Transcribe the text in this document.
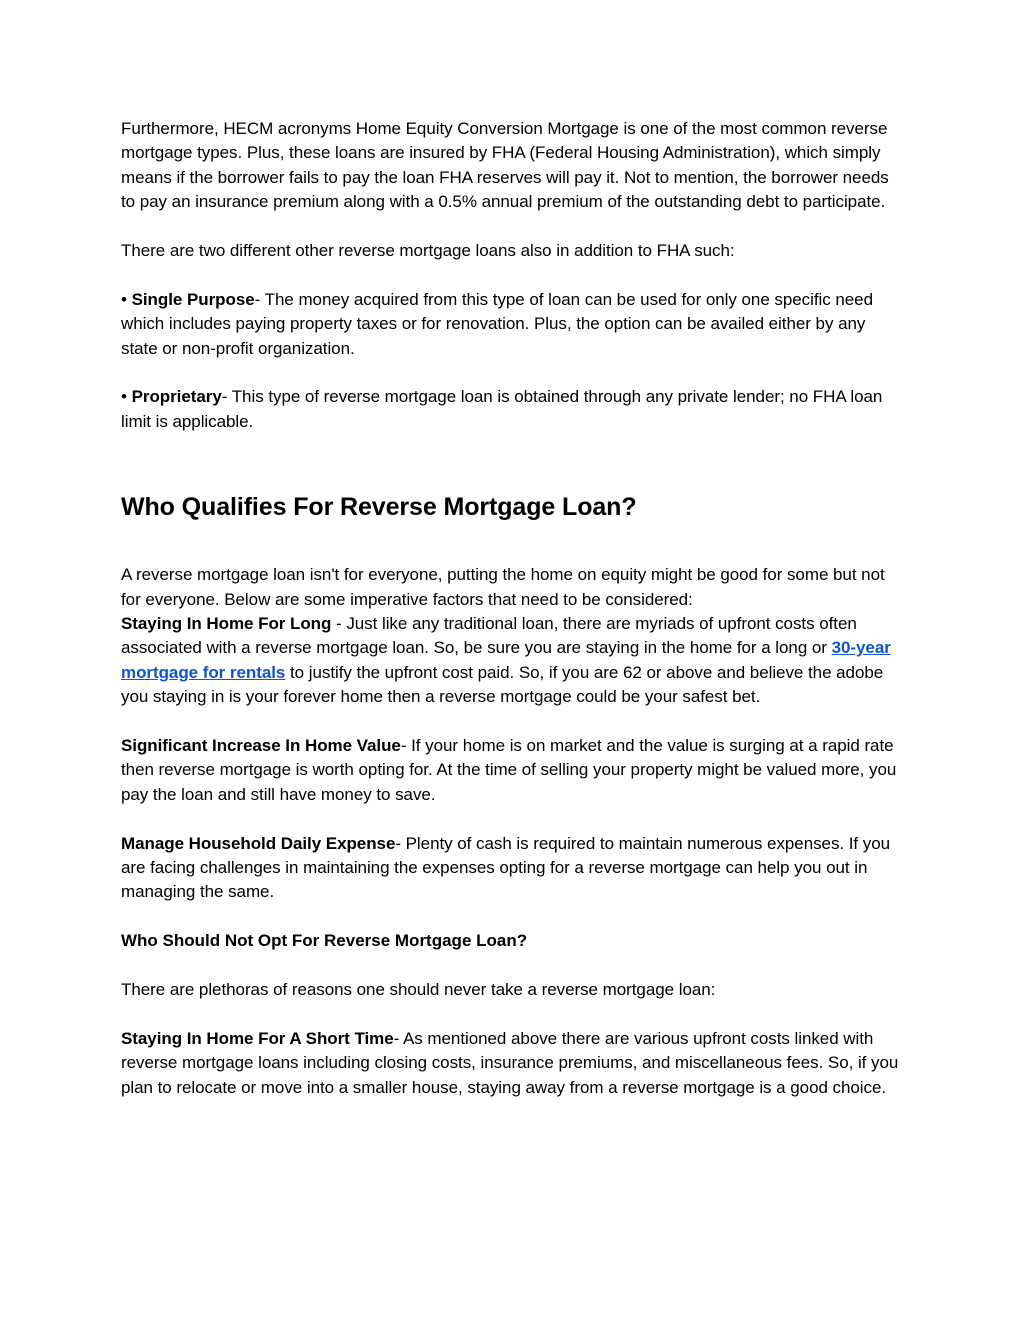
Furthermore, HECM acronyms Home Equity Conversion Mortgage is one of the most common reverse mortgage types. Plus, these loans are insured by FHA (Federal Housing Administration), which simply means if the borrower fails to pay the loan FHA reserves will pay it. Not to mention, the borrower needs to pay an insurance premium along with a 0.5% annual premium of the outstanding debt to participate.

There are two different other reverse mortgage loans also in addition to FHA such:

• Single Purpose- The money acquired from this type of loan can be used for only one specific need which includes paying property taxes or for renovation. Plus, the option can be availed either by any state or non-profit organization.

• Proprietary- This type of reverse mortgage loan is obtained through any private lender; no FHA loan limit is applicable.

Who Qualifies For Reverse Mortgage Loan?

A reverse mortgage loan isn't for everyone, putting the home on equity might be good for some but not for everyone. Below are some imperative factors that need to be considered:
Staying In Home For Long - Just like any traditional loan, there are myriads of upfront costs often associated with a reverse mortgage loan. So, be sure you are staying in the home for a long or 30-year mortgage for rentals to justify the upfront cost paid. So, if you are 62 or above and believe the adobe you staying in is your forever home then a reverse mortgage could be your safest bet.

Significant Increase In Home Value- If your home is on market and the value is surging at a rapid rate then reverse mortgage is worth opting for. At the time of selling your property might be valued more, you pay the loan and still have money to save.

Manage Household Daily Expense- Plenty of cash is required to maintain numerous expenses. If you are facing challenges in maintaining the expenses opting for a reverse mortgage can help you out in managing the same.

Who Should Not Opt For Reverse Mortgage Loan?

There are plethoras of reasons one should never take a reverse mortgage loan:

Staying In Home For A Short Time- As mentioned above there are various upfront costs linked with reverse mortgage loans including closing costs, insurance premiums, and miscellaneous fees. So, if you plan to relocate or move into a smaller house, staying away from a reverse mortgage is a good choice.
